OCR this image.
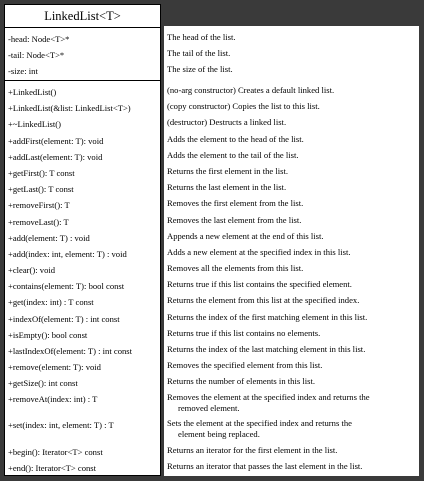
LinkedList<T>
-head: Node<T>*
-tail: Node<T>*
-size: int
+LinkedList()
+LinkedList(&list: LinkedList<T>)
+~LinkedList()
+addFirst(element: T): void
+addLast(element: T): void
+getFirst(): T const
+getLast(): T const
+removeFirst(): T
+removeLast(): T
+add(element: T) : void
+add(index: int, element: T) : void
+clear(): void
+contains(element: T): bool const
+get(index: int) : T const
+indexOf(element: T) : int const
+isEmpty(): bool const
+lastIndexOf(element: T) : int const
+remove(element: T): void
+getSize(): int const
+removeAt(index: int) : T
+set(index: int, element: T) : T
+begin(): Iterator<T> const
+end(): Iterator<T> const
The head of the list.
The tail of the list.
The size of the list.
(no-arg constructor) Creates a default linked list.
(copy constructor) Copies the list to this list.
(destructor) Destructs a linked list.
Adds the element to the head of the list.
Adds the element to the tail of the list.
Returns the first element in the list.
Returns the last element in the list.
Removes the first element from the list.
Removes the last element from the list.
Appends a new element at the end of this list.
Adds a new element at the specified index in this list.
Removes all the elements from this list.
Returns true if this list contains the specified element.
Returns the element from this list at the specified index.
Returns the index of the first matching element in this list.
Returns true if this list contains no elements.
Returns the index of the last matching element in this list.
Removes the specified element from this list.
Returns the number of elements in this list.
Removes the element at the specified index and returns the
removed element.
Sets the element at the specified index and returns the
element being replaced.
Returns an iterator for the first element in the list.
Returns an iterator that passes the last element in the list.
